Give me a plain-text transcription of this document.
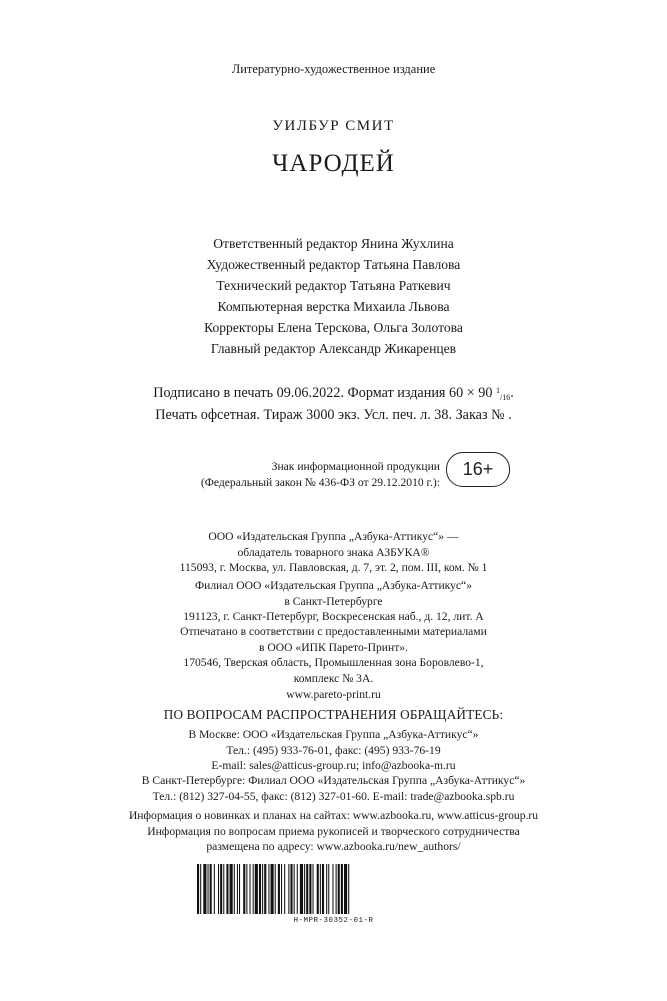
Литературно-художественное издание
УИЛБУР СМИТ
ЧАРОДЕЙ
Ответственный редактор Янина Жухлина
Художественный редактор Татьяна Павлова
Технический редактор Татьяна Раткевич
Компьютерная верстка Михаила Львова
Корректоры Елена Терскова, Ольга Золотова
Главный редактор Александр Жикаренцев
Подписано в печать 09.06.2022. Формат издания 60 × 90 $^1_{/16}$.
Печать офсетная. Тираж 3000 экз. Усл. печ. л. 38. Заказ № .
Знак информационной продукции
(Федеральный закон № 436-ФЗ от 29.12.2010 г.):
16+
ООО «Издательская Группа „Азбука-Аттикус“» —
обладатель товарного знака АЗБУКА®
115093, г. Москва, ул. Павловская, д. 7, эт. 2, пом. III, ком. № 1
Филиал ООО «Издательская Группа „Азбука-Аттикус“»
в Санкт-Петербурге
191123, г. Санкт-Петербург, Воскресенская наб., д. 12, лит. А
Отпечатано в соответствии с предоставленными материалами
в ООО «ИПК Парето-Принт».
170546, Тверская область, Промышленная зона Боровлево-1,
комплекс № 3А.
www.pareto-print.ru
ПО ВОПРОСАМ РАСПРОСТРАНЕНИЯ ОБРАЩАЙТЕСЬ:
В Москве: ООО «Издательская Группа „Азбука-Аттикус“»
Тел.: (495) 933-76-01, факс: (495) 933-76-19
E-mail: sales@atticus-group.ru; info@azbooka-m.ru
В Санкт-Петербурге: Филиал ООО «Издательская Группа „Азбука-Аттикус“»
Тел.: (812) 327-04-55, факс: (812) 327-01-60. E-mail: trade@azbooka.spb.ru
Информация о новинках и планах на сайтах: www.azbooka.ru, www.atticus-group.ru
Информация по вопросам приема рукописей и творческого сотрудничества
размещена по адресу: www.azbooka.ru/new_authors/
Н-MPR-30352-01-R
